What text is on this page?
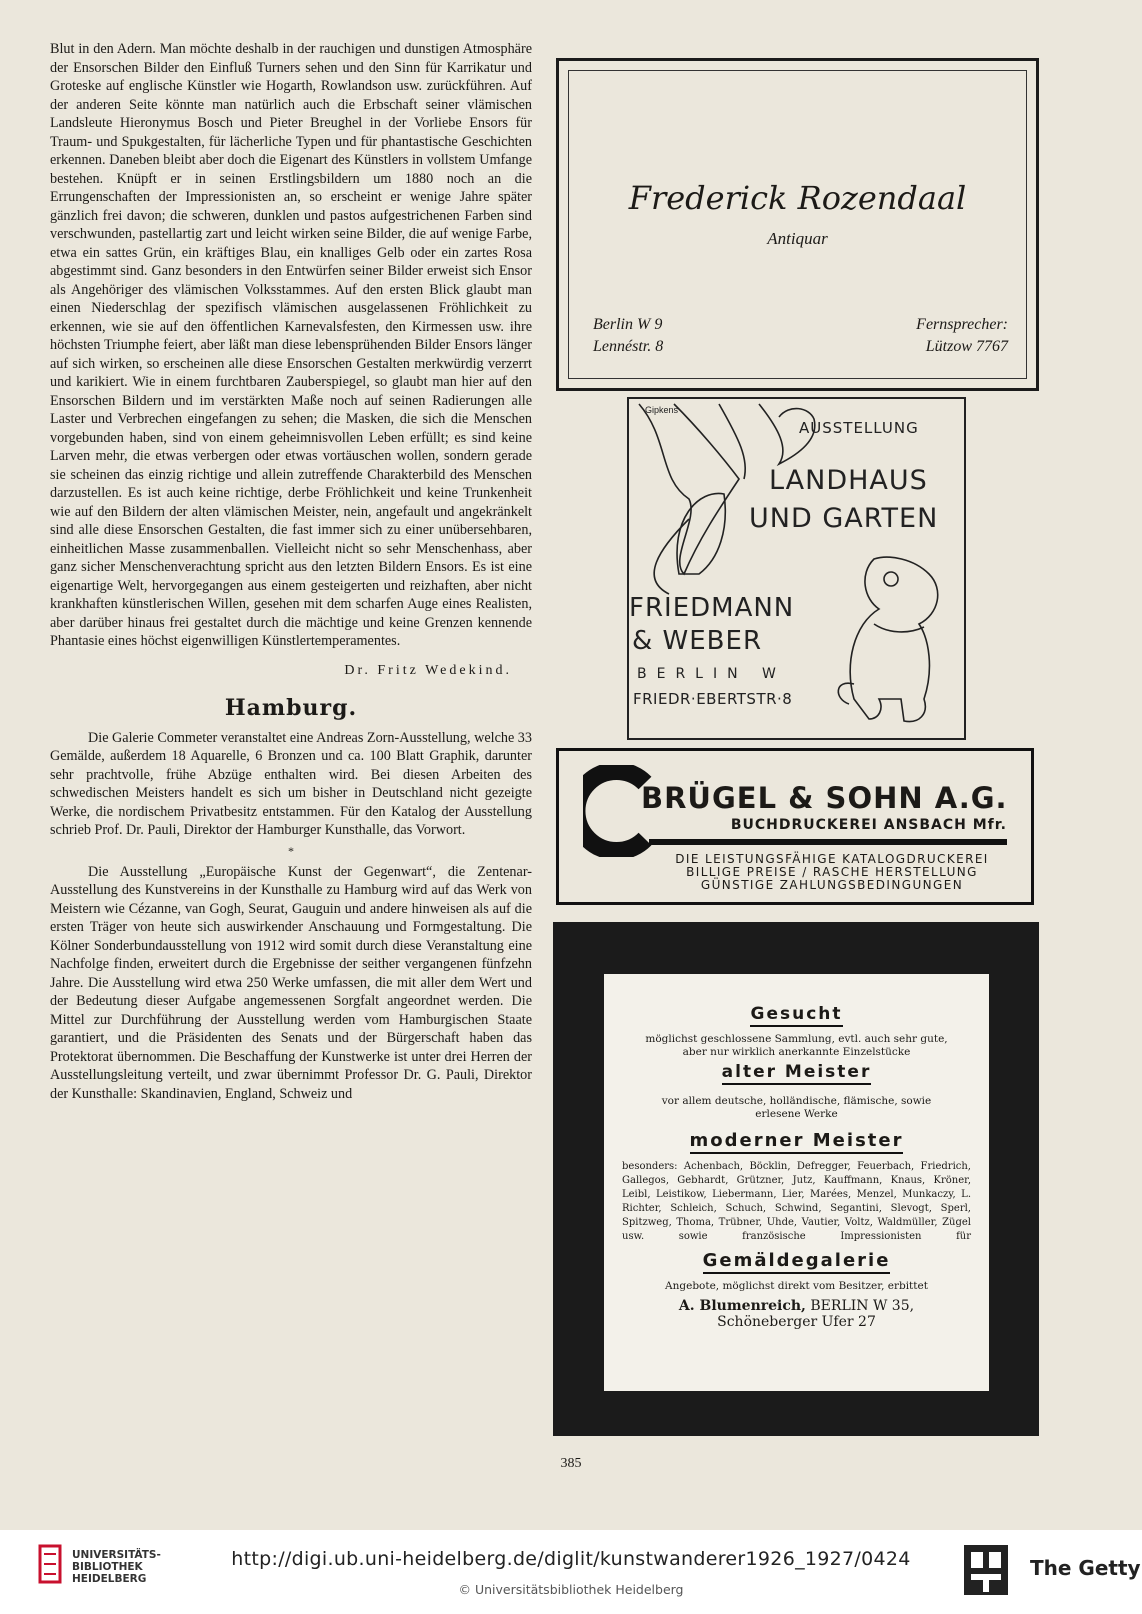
Blut in den Adern. Man möchte deshalb in der rauchigen und dunstigen Atmosphäre der Ensorschen Bilder den Einfluß Turners sehen und den Sinn für Karrikatur und Groteske auf englische Künstler wie Hogarth, Rowlandson usw. zurückführen. Auf der anderen Seite könnte man natürlich auch die Erbschaft seiner vlämischen Landsleute Hieronymus Bosch und Pieter Breughel in der Vorliebe Ensors für Traum- und Spukgestalten, für lächerliche Typen und für phantastische Geschichten erkennen. Daneben bleibt aber doch die Eigenart des Künstlers in vollstem Umfange bestehen. Knüpft er in seinen Erstlingsbildern um 1880 noch an die Errungenschaften der Impressionisten an, so erscheint er wenige Jahre später gänzlich frei davon; die schweren, dunklen und pastos aufgestrichenen Farben sind verschwunden, pastellartig zart und leicht wirken seine Bilder, die auf wenige Farbe, etwa ein sattes Grün, ein kräftiges Blau, ein knalliges Gelb oder ein zartes Rosa abgestimmt sind. Ganz besonders in den Entwürfen seiner Bilder erweist sich Ensor als Angehöriger des vlämischen Volksstammes. Auf den ersten Blick glaubt man einen Niederschlag der spezifisch vlämischen ausgelassenen Fröhlichkeit zu erkennen, wie sie auf den öffentlichen Karnevalsfesten, den Kirmessen usw. ihre höchsten Triumphe feiert, aber läßt man diese lebensprühenden Bilder Ensors länger auf sich wirken, so erscheinen alle diese Ensorschen Gestalten merkwürdig verzerrt und karikiert. Wie in einem furchtbaren Zauberspiegel, so glaubt man hier auf den Ensorschen Bildern und im verstärkten Maße noch auf seinen Radierungen alle Laster und Verbrechen eingefangen zu sehen; die Masken, die sich die Menschen vorgebunden haben, sind von einem geheimnisvollen Leben erfüllt; es sind keine Larven mehr, die etwas verbergen oder etwas vortäuschen wollen, sondern gerade sie scheinen das einzig richtige und allein zutreffende Charakterbild des Menschen darzustellen. Es ist auch keine richtige, derbe Fröhlichkeit und keine Trunkenheit wie auf den Bildern der alten vlämischen Meister, nein, angefault und angekränkelt sind alle diese Ensorschen Gestalten, die fast immer sich zu einer unübersehbaren, einheitlichen Masse zusammenballen. Vielleicht nicht so sehr Menschenhass, aber ganz sicher Menschenverachtung spricht aus den letzten Bildern Ensors. Es ist eine eigenartige Welt, hervorgegangen aus einem gesteigerten und reizhaften, aber nicht krankhaften künstlerischen Willen, gesehen mit dem scharfen Auge eines Realisten, aber darüber hinaus frei gestaltet durch die mächtige und keine Grenzen kennende Phantasie eines höchst eigenwilligen Künstlertemperamentes.

Dr. Fritz Wedekind.

Hamburg.

Die Galerie Commeter veranstaltet eine Andreas Zorn-Ausstellung, welche 33 Gemälde, außerdem 18 Aquarelle, 6 Bronzen und ca. 100 Blatt Graphik, darunter sehr prachtvolle, frühe Abzüge enthalten wird. Bei diesen Arbeiten des schwedischen Meisters handelt es sich um bisher in Deutschland nicht gezeigte Werke, die nordischem Privatbesitz entstammen. Für den Katalog der Ausstellung schrieb Prof. Dr. Pauli, Direktor der Hamburger Kunsthalle, das Vorwort.

*

Die Ausstellung „Europäische Kunst der Gegenwart“, die Zentenar-Ausstellung des Kunstvereins in der Kunsthalle zu Hamburg wird auf das Werk von Meistern wie Cézanne, van Gogh, Seurat, Gauguin und andere hinweisen als auf die ersten Träger von heute sich auswirkender Anschauung und Formgestaltung. Die Kölner Sonderbundausstellung von 1912 wird somit durch diese Veranstaltung eine Nachfolge finden, erweitert durch die Ergebnisse der seither vergangenen fünfzehn Jahre. Die Ausstellung wird etwa 250 Werke umfassen, die mit aller dem Wert und der Bedeutung dieser Aufgabe angemessenen Sorgfalt angeordnet werden. Die Mittel zur Durchführung der Ausstellung werden vom Hamburgischen Staate garantiert, und die Präsidenten des Senats und der Bürgerschaft haben das Protektorat übernommen. Die Beschaffung der Kunstwerke ist unter drei Herren der Ausstellungsleitung verteilt, und zwar übernimmt Professor Dr. G. Pauli, Direktor der Kunsthalle: Skandinavien, England, Schweiz und

Frederick Rozendaal
Antiquar
Berlin W 9
Lennéstr. 8
Fernsprecher:
Lützow 7767
Gipkens
AUSSTELLUNG
LANDHAUS
UND GARTEN
FRIEDMANN
& WEBER
BERLIN W
FRIEDR·EBERTSTR·8
BRÜGEL & SOHN A.G.
BUCHDRUCKEREI ANSBACH Mfr.
DIE LEISTUNGSFÄHIGE KATALOGDRUCKEREI
BILLIGE PREISE / RASCHE HERSTELLUNG
GÜNSTIGE ZAHLUNGSBEDINGUNGEN
Gesucht
möglichst geschlossene Sammlung, evtl. auch sehr gute, aber nur wirklich anerkannte Einzelstücke
alter Meister
vor allem deutsche, holländische, flämische, sowie erlesene Werke
moderner Meister
besonders: Achenbach, Böcklin, Defregger, Feuerbach, Friedrich, Gallegos, Gebhardt, Grützner, Jutz, Kauffmann, Knaus, Kröner, Leibl, Leistikow, Liebermann, Lier, Marées, Menzel, Munkaczy, L. Richter, Schleich, Schuch, Schwind, Segantini, Slevogt, Sperl, Spitzweg, Thoma, Trübner, Uhde, Vautier, Voltz, Waldmüller, Zügel usw. sowie französische Impressionisten für
Gemäldegalerie
Angebote, möglichst direkt vom Besitzer, erbittet
A. Blumenreich, BERLIN W 35,
Schöneberger Ufer 27
385
UNIVERSITÄTS-
BIBLIOTHEK
HEIDELBERG
http://digi.ub.uni-heidelberg.de/diglit/kunstwanderer1926_1927/0424
© Universitätsbibliothek Heidelberg
The Getty
